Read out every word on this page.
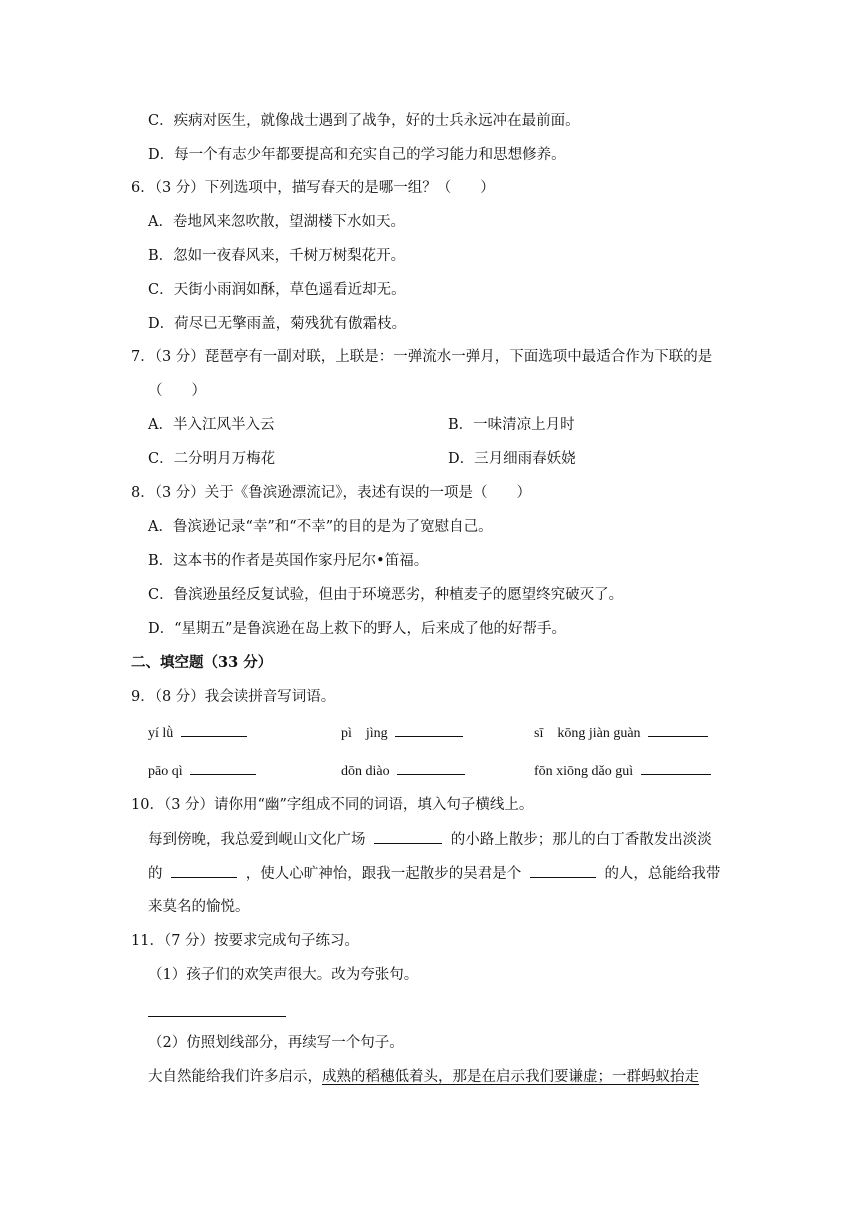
C．疾病对医生，就像战士遇到了战争，好的士兵永远冲在最前面。
D．每一个有志少年都要提高和充实自己的学习能力和思想修养。
6．（3 分）下列选项中，描写春天的是哪一组？（　　）
A．卷地风来忽吹散，望湖楼下水如天。
B．忽如一夜春风来，千树万树梨花开。
C．天街小雨润如酥，草色遥看近却无。
D．荷尽已无擎雨盖，菊残犹有傲霜枝。
7．（3 分）琵琶亭有一副对联，上联是：一弹流水一弹月，下面选项中最适合作为下联的是
（　　）
A．半入江风半入云	B．一味清凉上月时
C．二分明月万梅花	D．三月细雨春妖娆
8．（3 分）关于《鲁滨逊漂流记》，表述有误的一项是（　　）
A．鲁滨逊记录“幸”和“不幸”的目的是为了宽慰自己。
B．这本书的作者是英国作家丹尼尔•笛福。
C．鲁滨逊虽经反复试验，但由于环境恶劣，种植麦子的愿望终究破灭了。
D．“星期五”是鲁滨逊在岛上救下的野人，后来成了他的好帮手。
二、填空题（33 分）
9．（8 分）我会读拼音写词语。
yí lǜ	pì　jìng	sī　kōng jiàn guàn
pāo qì	dōn diào	fōn xiōng dǎo guì
10．（3 分）请你用“幽”字组成不同的词语，填入句子横线上。
每到傍晚，我总爱到岘山文化广场	的小路上散步；那儿的白丁香散发出淡淡
的	，使人心旷神怡，跟我一起散步的吴君是个	的人，总能给我带
来莫名的愉悦。
11．（7 分）按要求完成句子练习。
（1）孩子们的欢笑声很大。改为夸张句。
（2）仿照划线部分，再续写一个句子。
大自然能给我们许多启示，成熟的稻穗低着头，那是在启示我们要谦虚；一群蚂蚁抬走
